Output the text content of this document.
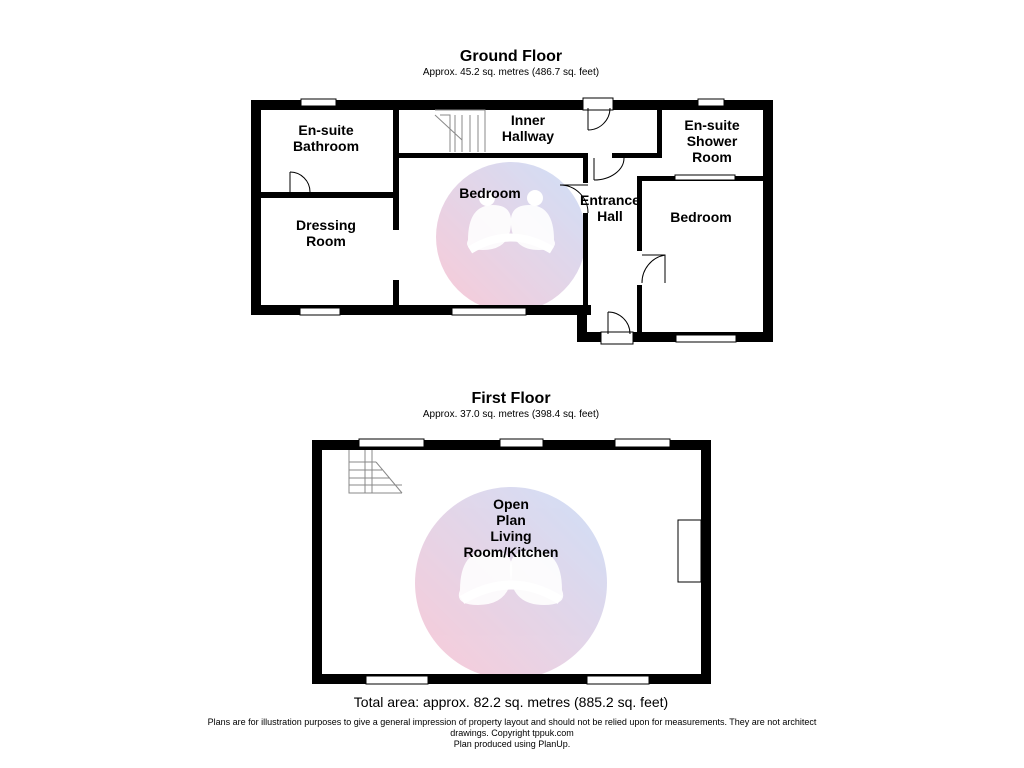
Ground Floor
Approx. 45.2 sq. metres (486.7 sq. feet)
En-suite
Bathroom
Inner
Hallway
En-suite
Shower
Room
Bedroom	Entrance
Hall	Bedroom
Dressing
Room
First Floor
Approx. 37.0 sq. metres (398.4 sq. feet)
Open
Plan
Living
Room/Kitchen
Total area: approx. 82.2 sq. metres (885.2 sq. feet)
Plans are for illustration purposes to give a general impression of property layout and should not be relied upon for measurements. They are not architect
drawings. Copyright tppuk.com
Plan produced using PlanUp.
